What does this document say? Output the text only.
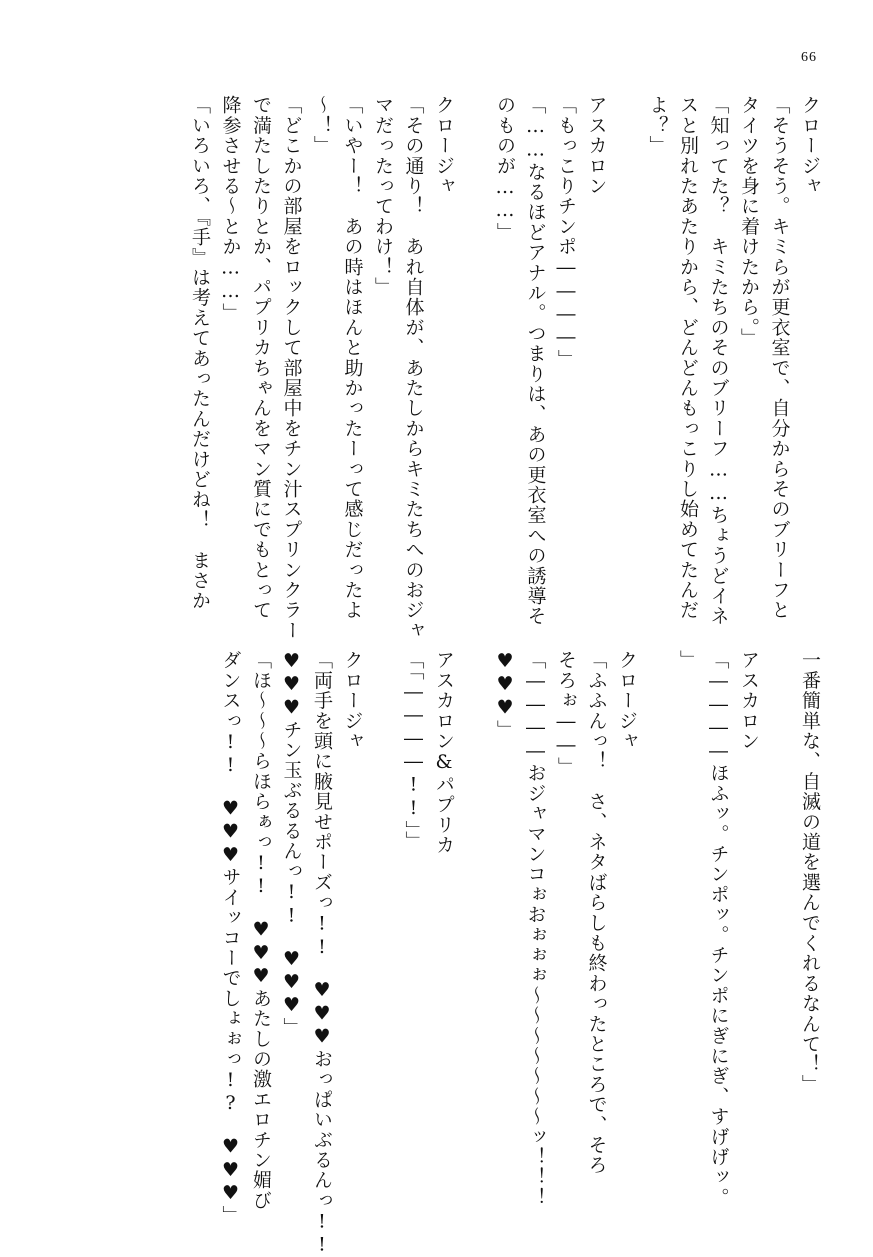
66
クロージャ
「そうそう。キミらが更衣室で、自分からそのブリーフと
タイツを身に着けたから。」
「知ってた？　キミたちのそのブリーフ……ちょうどイネ
スと別れたあたりから、どんどんもっこりし始めてたんだ
よ？」

アスカロン
「もっこりチンポ――――」
「……なるほどアナル。つまりは、あの更衣室への誘導そ
のものが……」

クロージャ
「その通り！　あれ自体が、あたしからキミたちへのおジャ
マだったってわけ！」
「いやー！　あの時はほんと助かったーって感じだったよ
～！」
「どこかの部屋をロックして部屋中をチン汁スプリンクラー
で満たしたりとか、パプリカちゃんをマン質にでもとって
降参させる～とか……」
「いろいろ、『手』は考えてあったんだけどね！　まさか
一番簡単な、自滅の道を選んでくれるなんて！」

アスカロン
「――――ほふッ。チンポッ。チンポにぎにぎ、すげげッ。
」

クロージャ
「ふふんっ！　さ、ネタばらしも終わったところで、そろ
そろぉ――」
「――――おジャマンコぉおぉぉぉ～～～～～～～ッ！！！
♥♥♥」

アスカロン&パプリカ
「「――――!!」」

クロージャ
「両手を頭に腋見せポーズっ!!　♥♥♥おっぱいぶるんっ!!
♥♥♥チン玉ぶるるんっ!!　♥♥♥」
「ほ～～～らほらぁっ!!　♥♥♥あたしの激エロチン媚び
ダンスっ!!　♥♥♥サイッコーでしょぉっ!?　♥♥♥」
